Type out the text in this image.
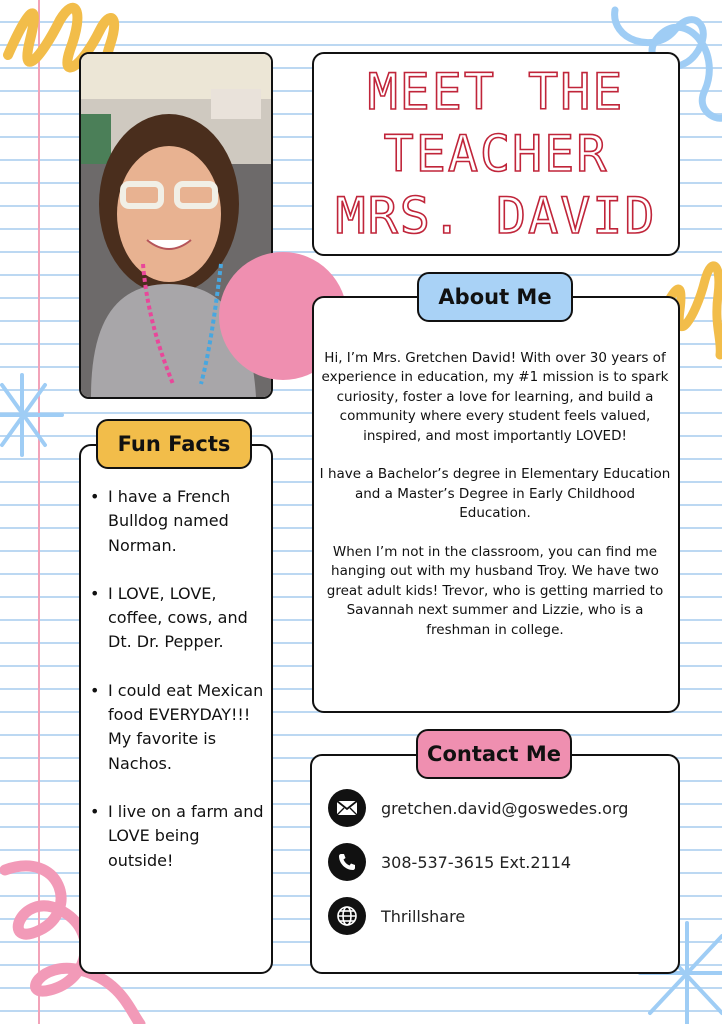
MEET THE
TEACHER
MRS. DAVID
About Me

Hi, I’m Mrs. Gretchen David! With over 30 years of experience in education, my #1 mission is to spark curiosity, foster a love for learning, and build a community where every student feels valued, inspired, and most importantly LOVED!

I have a Bachelor’s degree in Elementary Education and a Master’s Degree in Early Childhood Education.

When I’m not in the classroom, you can find me hanging out with my husband Troy. We have two great adult kids! Trevor, who is getting married to Savannah next summer and Lizzie, who is a freshman in college.

Fun Facts
• I have a French Bulldog named Norman.
• I LOVE, LOVE, coffee, cows, and Dt. Dr. Pepper.
• I could eat Mexican food EVERYDAY!!! My favorite is Nachos.
• I live on a farm and LOVE being outside!
Contact Me
gretchen.david@goswedes.org
308-537-3615 Ext.2114
Thrillshare
